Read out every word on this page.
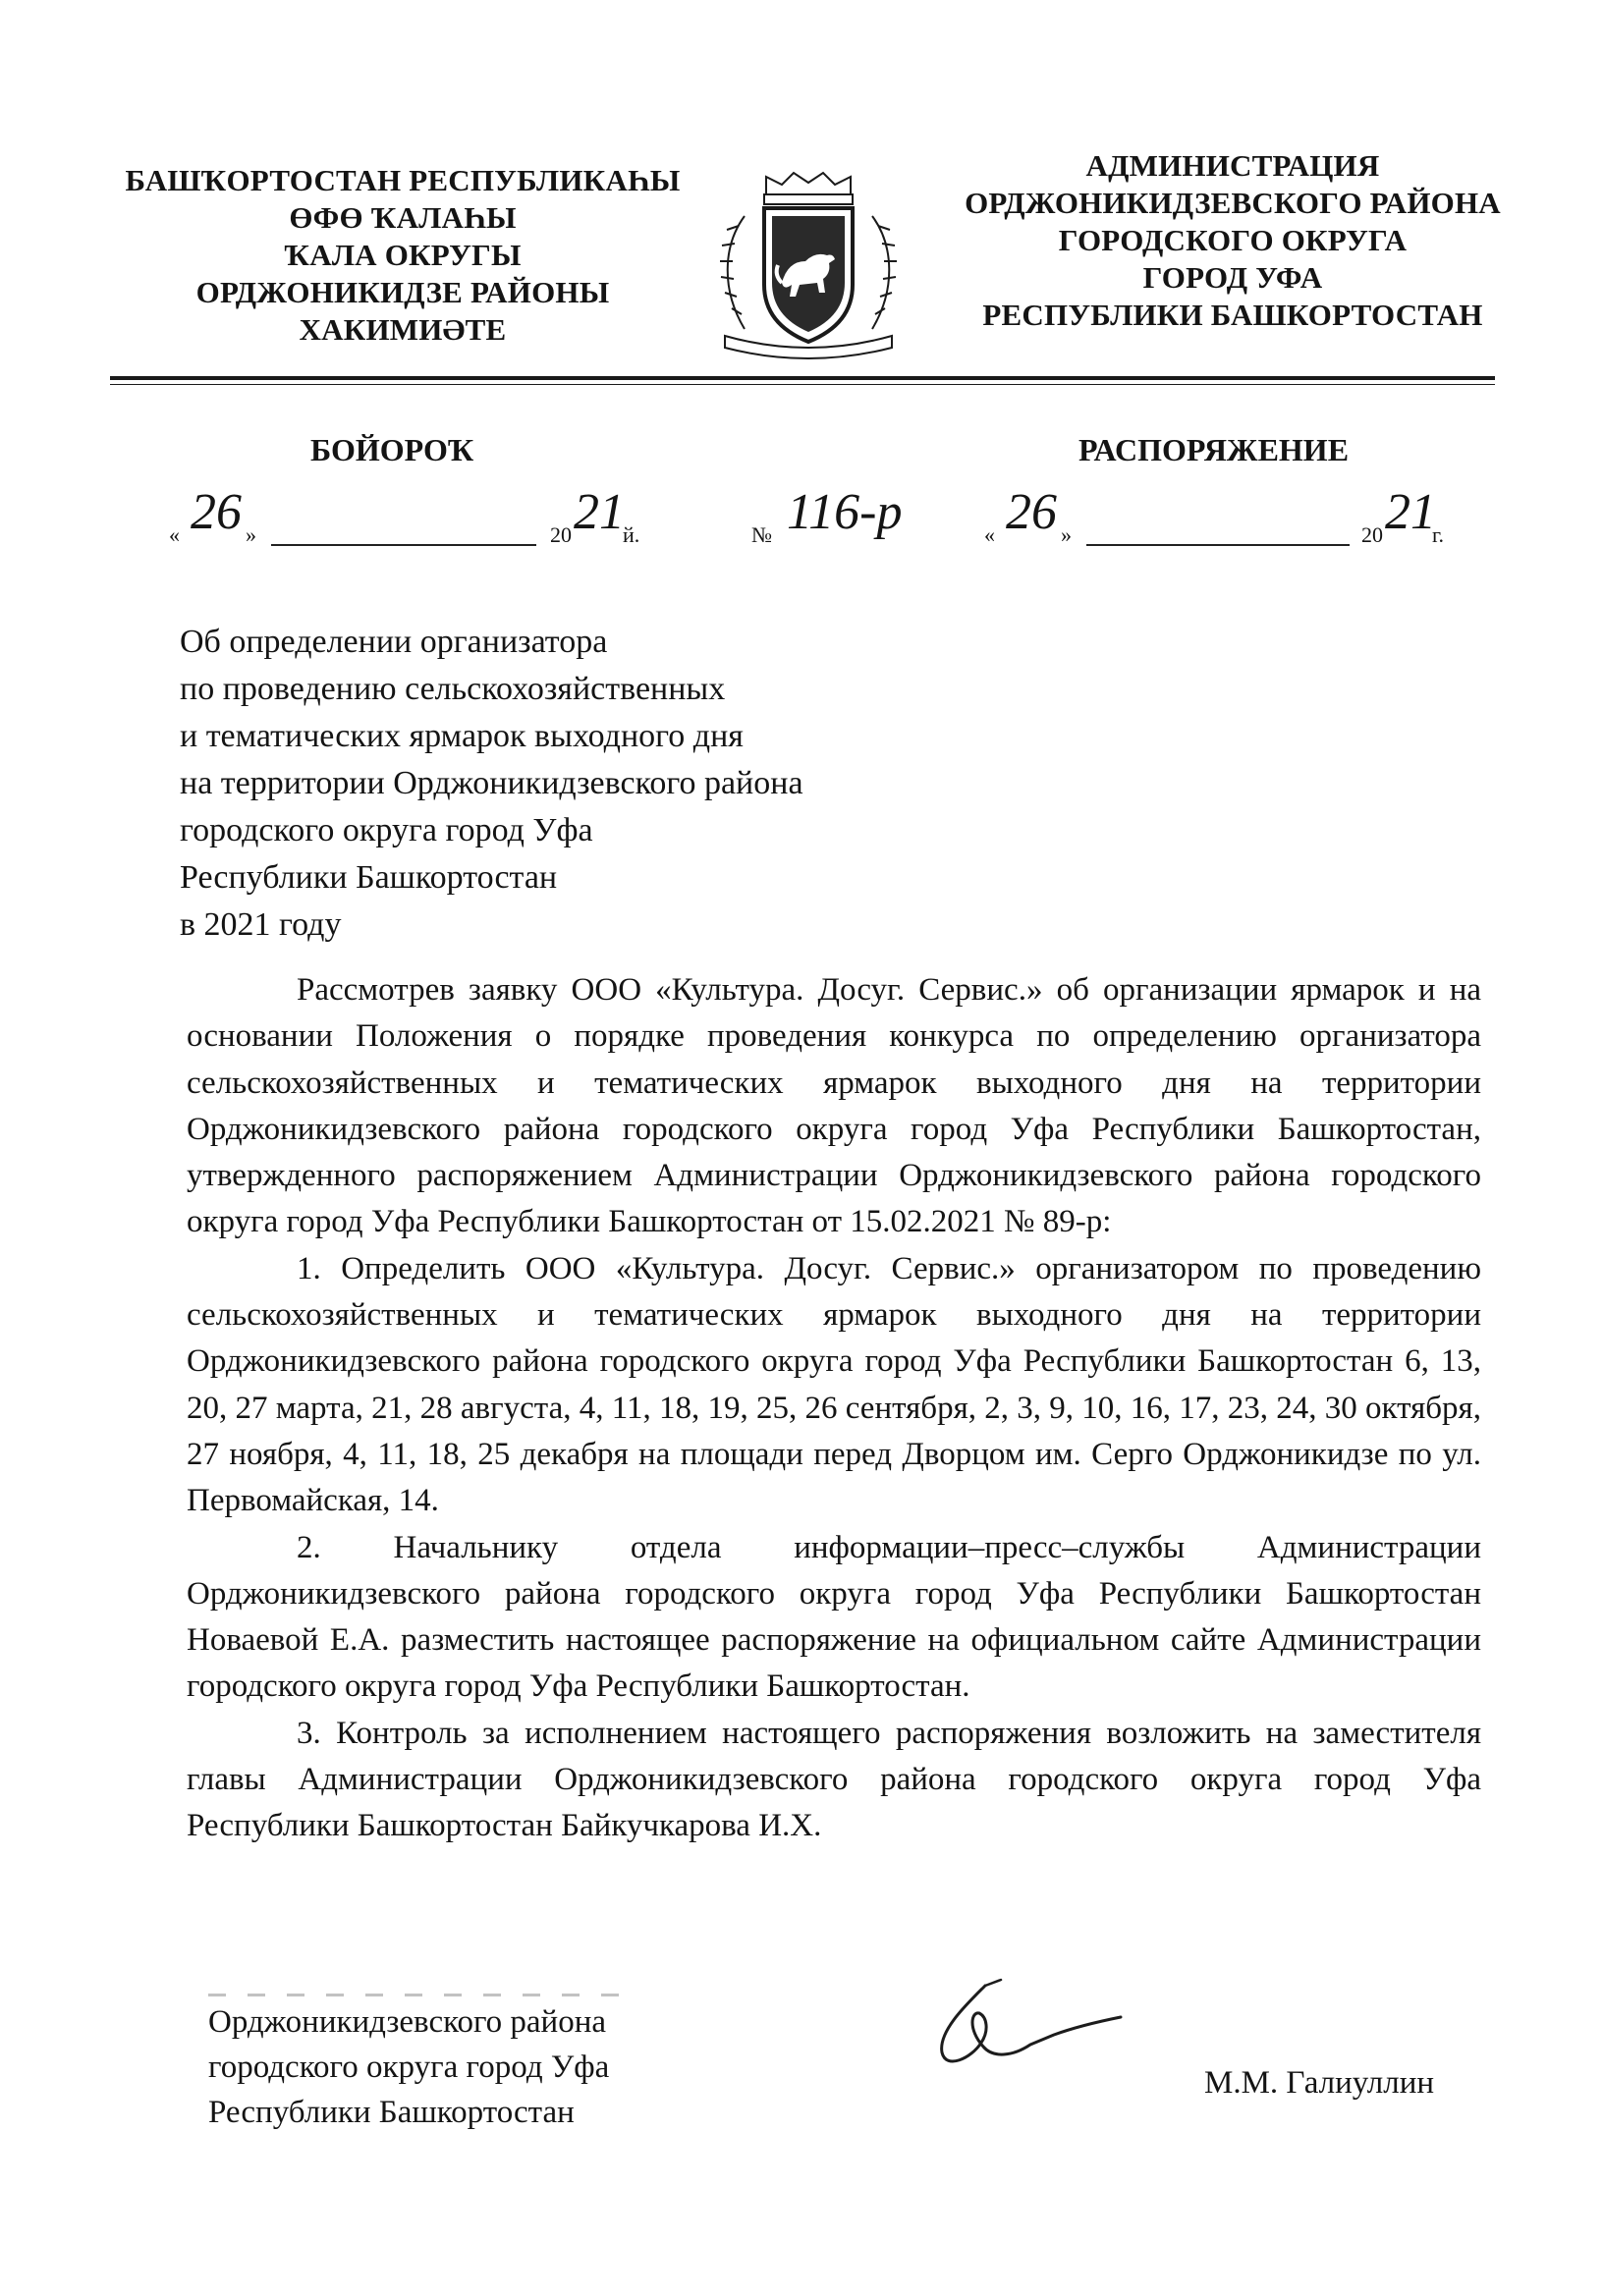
БАШҠОРТОСТАН РЕСПУБЛИКАҺЫ
ӨФӨ ҠАЛАҺЫ
ҠАЛА ОКРУГЫ
ОРДЖОНИКИДЗЕ РАЙОНЫ
ХАКИМИӘТЕ
АДМИНИСТРАЦИЯ
ОРДЖОНИКИДЗЕВСКОГО РАЙОНА
ГОРОДСКОГО ОКРУГА
ГОРОД УФА
РЕСПУБЛИКИ БАШКОРТОСТАН
БОЙОРОҠ	РАСПОРЯЖЕНИЕ
« 26 »	20 21
й.	№ 116-р	« 26 »	20 21
г.
Об определении организатора
по проведению сельскохозяйственных
и тематических ярмарок выходного дня
на территории Орджоникидзевского района
городского округа город Уфа
Республики Башкортостан
в 2021 году

Рассмотрев заявку ООО «Культура. Досуг. Сервис.» об организации ярмарок и на основании Положения о порядке проведения конкурса по определению организатора сельскохозяйственных и тематических ярмарок выходного дня на территории Орджоникидзевского района городского округа город Уфа Республики Башкортостан, утвержденного распоряжением Администрации Орджоникидзевского района городского округа город Уфа Республики Башкортостан от 15.02.2021 № 89-р:

1. Определить ООО «Культура. Досуг. Сервис.» организатором по проведению сельскохозяйственных и тематических ярмарок выходного дня на территории Орджоникидзевского района городского округа город Уфа Республики Башкортостан 6, 13, 20, 27 марта, 21, 28 августа, 4, 11, 18, 19, 25, 26 сентября, 2, 3, 9, 10, 16, 17, 23, 24, 30 октября, 27 ноября, 4, 11, 18, 25 декабря на площади перед Дворцом им. Серго Орджоникидзе по ул. Первомайская, 14.

2. Начальнику отдела информации–пресс–службы Администрации Орджоникидзевского района городского округа город Уфа Республики Башкортостан Новаевой Е.А. разместить настоящее распоряжение на официальном сайте Администрации городского округа город Уфа Республики Башкортостан.

3. Контроль за исполнением настоящего распоряжения возложить на заместителя главы Администрации Орджоникидзевского района городского округа город Уфа Республики Башкортостан Байкучкарова И.Х.

Орджоникидзевского района
городского округа город Уфа
Республики Башкортостан
М.М. Галиуллин
